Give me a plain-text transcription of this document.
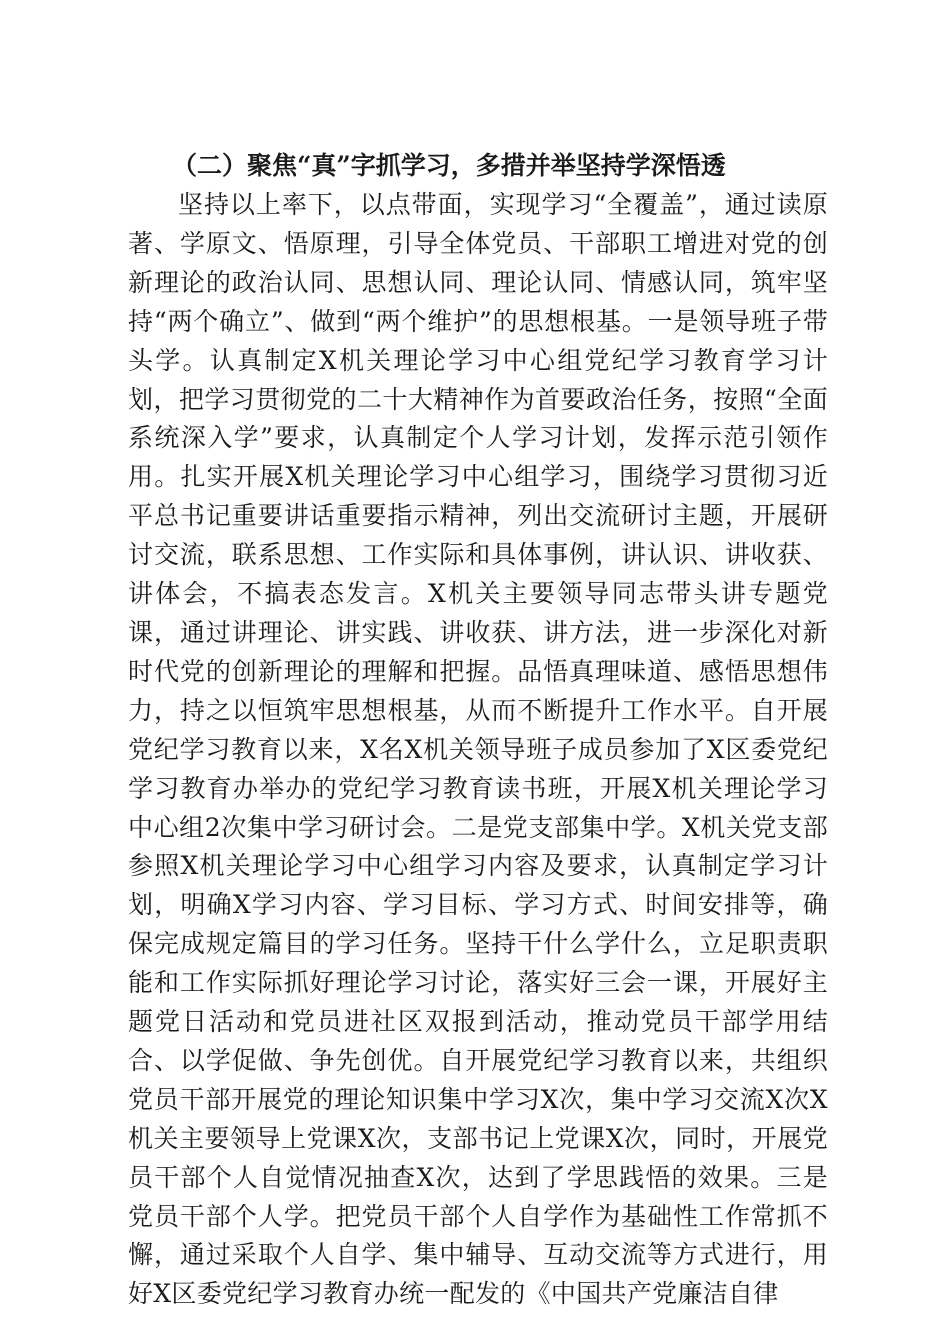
（二）聚焦“真”字抓学习，多措并举坚持学深悟透

坚持以上率下，以点带面，实现学习“全覆盖”，通过读原著、学原文、悟原理，引导全体党员、干部职工增进对党的创新理论的政治认同、思想认同、理论认同、情感认同，筑牢坚持“两个确立”、做到“两个维护”的思想根基。一是领导班子带头学。认真制定X机关理论学习中心组党纪学习教育学习计划，把学习贯彻党的二十大精神作为首要政治任务，按照“全面系统深入学”要求，认真制定个人学习计划，发挥示范引领作用。扎实开展X机关理论学习中心组学习，围绕学习贯彻习近平总书记重要讲话重要指示精神，列出交流研讨主题，开展研讨交流，联系思想、工作实际和具体事例，讲认识、讲收获、讲体会，不搞表态发言。X机关主要领导同志带头讲专题党课，通过讲理论、讲实践、讲收获、讲方法，进一步深化对新时代党的创新理论的理解和把握。品悟真理味道、感悟思想伟力，持之以恒筑牢思想根基，从而不断提升工作水平。自开展党纪学习教育以来，X名X机关领导班子成员参加了X区委党纪学习教育办举办的党纪学习教育读书班，开展X机关理论学习中心组2次集中学习研讨会。二是党支部集中学。X机关党支部参照X机关理论学习中心组学习内容及要求，认真制定学习计划，明确X学习内容、学习目标、学习方式、时间安排等，确保完成规定篇目的学习任务。坚持干什么学什么，立足职责职能和工作实际抓好理论学习讨论，落实好三会一课，开展好主题党日活动和党员进社区双报到活动，推动党员干部学用结合、以学促做、争先创优。自开展党纪学习教育以来，共组织党员干部开展党的理论知识集中学习X次，集中学习交流X次X机关主要领导上党课X次，支部书记上党课X次，同时，开展党员干部个人自觉情况抽查X次，达到了学思践悟的效果。三是党员干部个人学。把党员干部个人自学作为基础性工作常抓不懈，通过采取个人自学、集中辅导、互动交流等方式进行，用好X区委党纪学习教育办统一配发的《中国共产党廉洁自律
